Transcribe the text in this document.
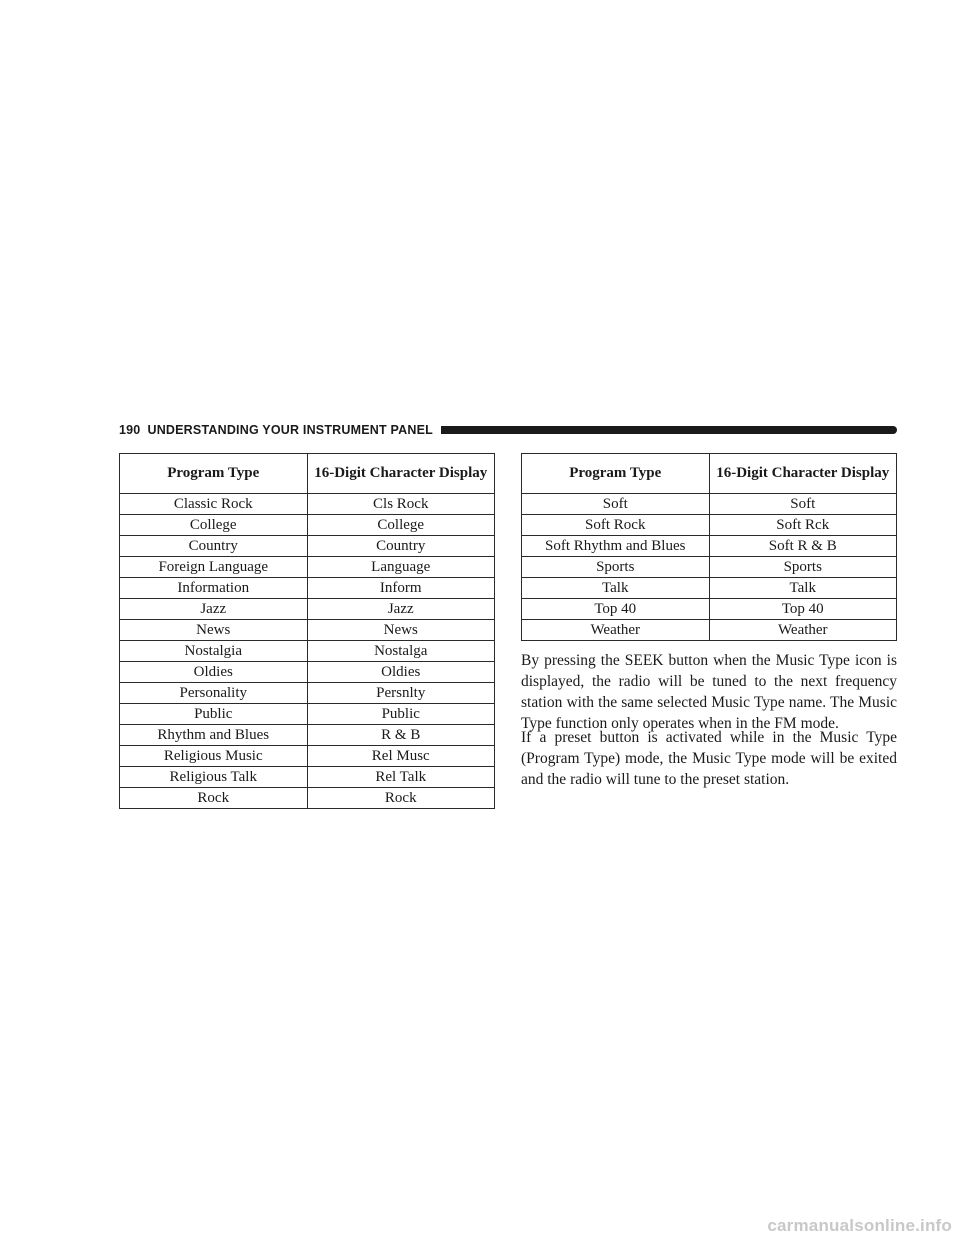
190 UNDERSTANDING YOUR INSTRUMENT PANEL
Program Type	16-Digit Character Display
Classic Rock	Cls Rock
College	College
Country	Country
Foreign Language	Language
Information	Inform
Jazz	Jazz
News	News
Nostalgia	Nostalga
Oldies	Oldies
Personality	Persnlty
Public	Public
Rhythm and Blues	R & B
Religious Music	Rel Musc
Religious Talk	Rel Talk
Rock	Rock
Program Type	16-Digit Character Display
Soft	Soft
Soft Rock	Soft Rck
Soft Rhythm and Blues	Soft R & B
Sports	Sports
Talk	Talk
Top 40	Top 40
Weather	Weather

By pressing the SEEK button when the Music Type icon is displayed, the radio will be tuned to the next frequency station with the same selected Music Type name. The Music Type function only operates when in the FM mode.

If a preset button is activated while in the Music Type (Program Type) mode, the Music Type mode will be exited and the radio will tune to the preset station.

carmanualsonline.info
